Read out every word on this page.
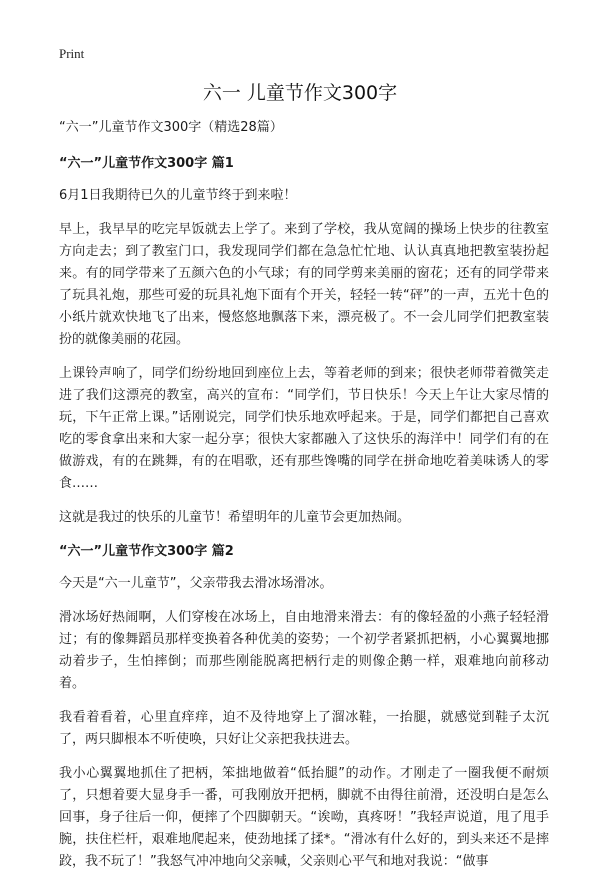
Print
六一 儿童节作文300字

“六一”儿童节作文300字（精选28篇）

“六一”儿童节作文300字 篇1

6月1日我期待已久的儿童节终于到来啦！

早上，我早早的吃完早饭就去上学了。来到了学校，我从宽阔的操场上快步的往教室方向走去；到了教室门口，我发现同学们都在急急忙忙地、认认真真地把教室装扮起来。有的同学带来了五颜六色的小气球；有的同学剪来美丽的窗花；还有的同学带来了玩具礼炮，那些可爱的玩具礼炮下面有个开关，轻轻一转“砰”的一声，五光十色的小纸片就欢快地飞了出来，慢悠悠地飘落下来，漂亮极了。不一会儿同学们把教室装扮的就像美丽的花园。

上课铃声响了，同学们纷纷地回到座位上去，等着老师的到来；很快老师带着微笑走进了我们这漂亮的教室，高兴的宣布：“同学们，节日快乐！今天上午让大家尽情的玩，下午正常上课。”话刚说完，同学们快乐地欢呼起来。于是，同学们都把自己喜欢吃的零食拿出来和大家一起分享；很快大家都融入了这快乐的海洋中！同学们有的在做游戏，有的在跳舞，有的在唱歌，还有那些馋嘴的同学在拼命地吃着美味诱人的零食……

这就是我过的快乐的儿童节！希望明年的儿童节会更加热闹。

“六一”儿童节作文300字 篇2

今天是“六一儿童节”，父亲带我去滑冰场滑冰。

滑冰场好热闹啊，人们穿梭在冰场上，自由地滑来滑去：有的像轻盈的小燕子轻轻滑过；有的像舞蹈员那样变换着各种优美的姿势；一个初学者紧抓把柄，小心翼翼地挪动着步子，生怕摔倒；而那些刚能脱离把柄行走的则像企鹅一样，艰难地向前移动着。

我看着看着，心里直痒痒，迫不及待地穿上了溜冰鞋，一抬腿，就感觉到鞋子太沉了，两只脚根本不听使唤，只好让父亲把我扶进去。

我小心翼翼地抓住了把柄，笨拙地做着“低抬腿”的动作。才刚走了一圈我便不耐烦了，只想着要大显身手一番，可我刚放开把柄，脚就不由得往前滑，还没明白是怎么回事，身子往后一仰，便摔了个四脚朝天。“诶呦，真疼呀！”我轻声说道，甩了甩手腕，扶住栏杆，艰难地爬起来，使劲地揉了揉*。“滑冰有什么好的，到头来还不是摔跤，我不玩了！”我怒气冲冲地向父亲喊，父亲则心平气和地对我说：“做事
